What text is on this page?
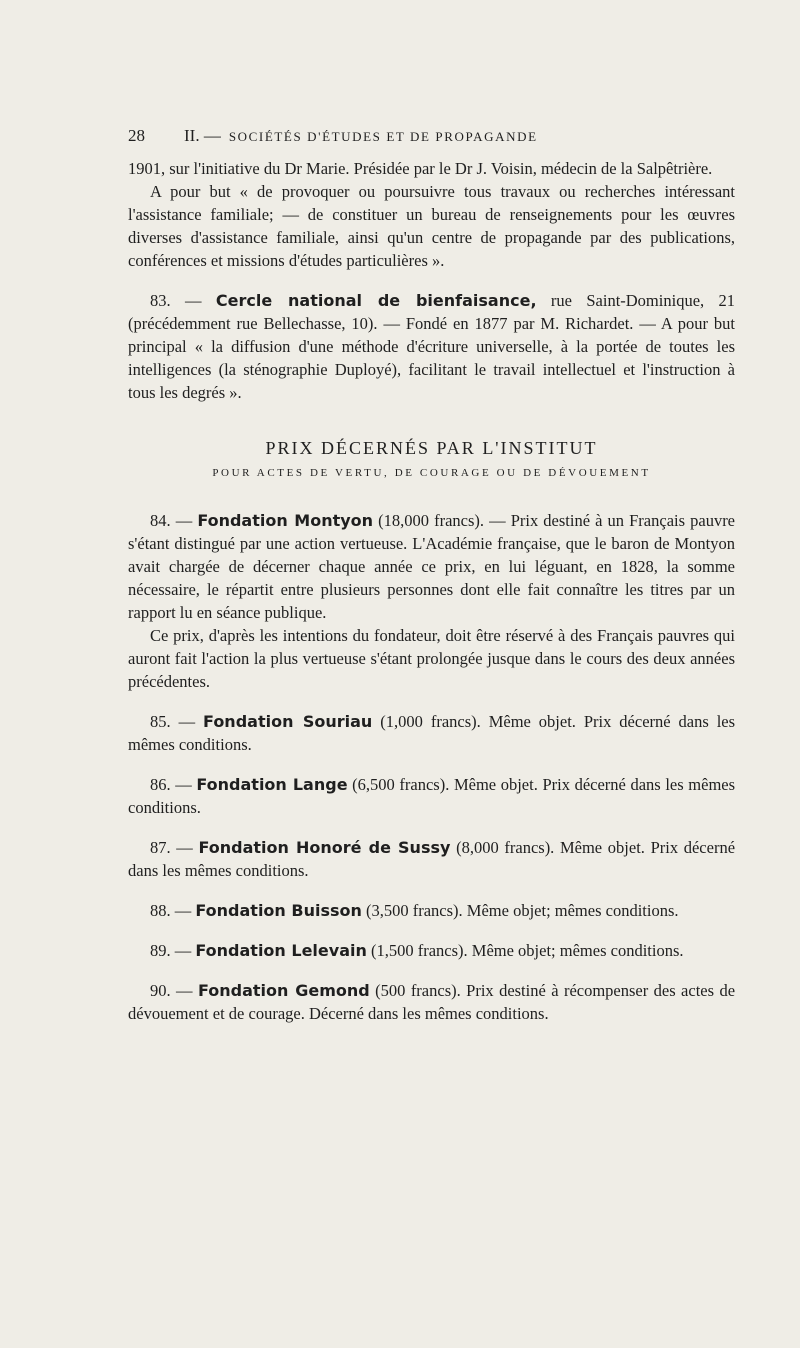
28	II. — SOCIÉTÉS D'ÉTUDES ET DE PROPAGANDE

1901, sur l'initiative du Dr Marie. Présidée par le Dr J. Voisin, médecin de la Salpêtrière.

A pour but « de provoquer ou poursuivre tous travaux ou recherches intéressant l'assistance familiale; — de constituer un bureau de renseignements pour les œuvres diverses d'assistance familiale, ainsi qu'un centre de propagande par des publications, conférences et missions d'études particulières ».

83. — Cercle national de bienfaisance, rue Saint-Dominique, 21 (précédemment rue Bellechasse, 10). — Fondé en 1877 par M. Richardet. — A pour but principal « la diffusion d'une méthode d'écriture universelle, à la portée de toutes les intelligences (la sténographie Duployé), facilitant le travail intellectuel et l'instruction à tous les degrés ».

PRIX DÉCERNÉS PAR L'INSTITUT
POUR ACTES DE VERTU, DE COURAGE OU DE DÉVOUEMENT

84. — Fondation Montyon (18,000 francs). — Prix destiné à un Français pauvre s'étant distingué par une action vertueuse. L'Académie française, que le baron de Montyon avait chargée de décerner chaque année ce prix, en lui léguant, en 1828, la somme nécessaire, le répartit entre plusieurs personnes dont elle fait connaître les titres par un rapport lu en séance publique.

Ce prix, d'après les intentions du fondateur, doit être réservé à des Français pauvres qui auront fait l'action la plus vertueuse s'étant prolongée jusque dans le cours des deux années précédentes.

85. — Fondation Souriau (1,000 francs). Même objet. Prix décerné dans les mêmes conditions.

86. — Fondation Lange (6,500 francs). Même objet. Prix décerné dans les mêmes conditions.

87. — Fondation Honoré de Sussy (8,000 francs). Même objet. Prix décerné dans les mêmes conditions.

88. — Fondation Buisson (3,500 francs). Même objet; mêmes conditions.

89. — Fondation Lelevain (1,500 francs). Même objet; mêmes conditions.

90. — Fondation Gemond (500 francs). Prix destiné à récompenser des actes de dévouement et de courage. Décerné dans les mêmes conditions.
